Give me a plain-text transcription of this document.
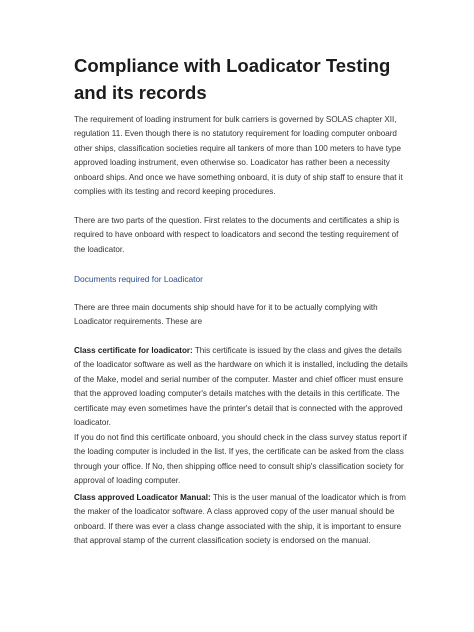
Compliance with Loadicator Testing and its records

The requirement of loading instrument for bulk carriers is governed by SOLAS chapter XII, regulation 11. Even though there is no statutory requirement for loading computer onboard other ships, classification societies require all tankers of more than 100 meters to have type approved loading instrument, even otherwise so. Loadicator has rather been a necessity onboard ships. And once we have something onboard, it is duty of ship staff to ensure that it complies with its testing and record keeping procedures.

There are two parts of the question. First relates to the documents and certificates a ship is required to have onboard with respect to loadicators and second the testing requirement of the loadicator.

Documents required for Loadicator

There are three main documents ship should have for it to be actually complying with Loadicator requirements. These are

Class certificate for loadicator: This certificate is issued by the class and gives the details of the loadicator software as well as the hardware on which it is installed, including the details of the Make, model and serial number of the computer. Master and chief officer must ensure that the approved loading computer's details matches with the details in this certificate. The certificate may even sometimes have the printer's detail that is connected with the approved loadicator.

If you do not find this certificate onboard, you should check in the class survey status report if the loading computer is included in the list. If yes, the certificate can be asked from the class through your office. If No, then shipping office need to consult ship's classification society for approval of loading computer.

Class approved Loadicator Manual: This is the user manual of the loadicator which is from the maker of the loadicator software. A class approved copy of the user manual should be onboard. If there was ever a class change associated with the ship, it is important to ensure that approval stamp of the current classification society is endorsed on the manual.
